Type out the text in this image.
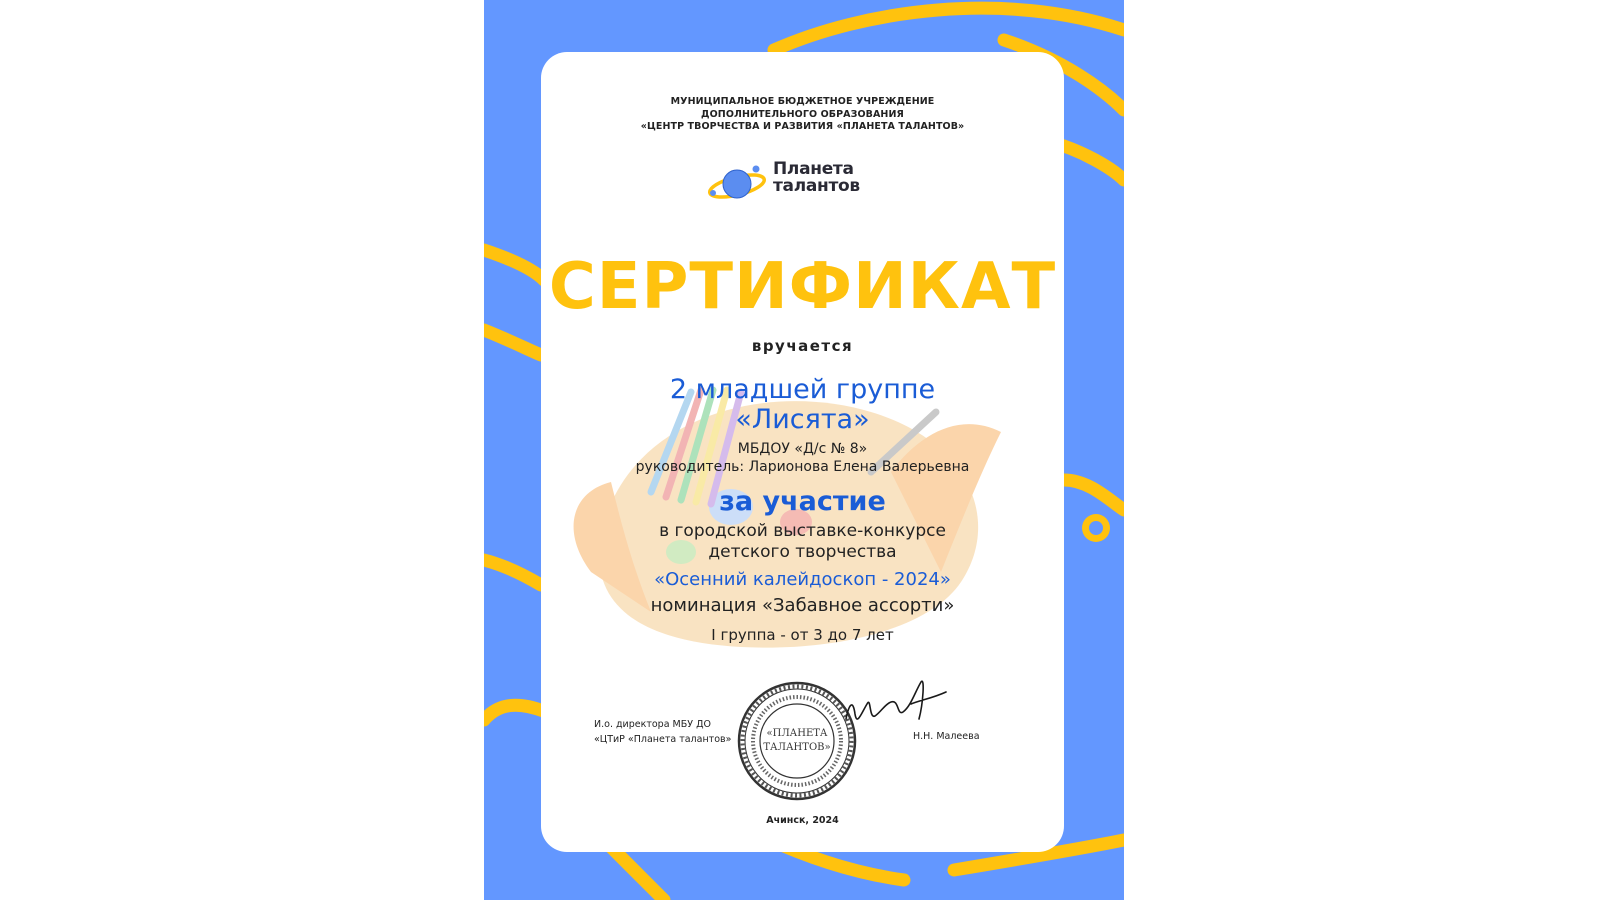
МУНИЦИПАЛЬНОЕ БЮДЖЕТНОЕ УЧРЕЖДЕНИЕ
ДОПОЛНИТЕЛЬНОГО ОБРАЗОВАНИЯ
«ЦЕНТР ТВОРЧЕСТВА И РАЗВИТИЯ «ПЛАНЕТА ТАЛАНТОВ»
Планета
талантов
СЕРТИФИКАТ
вручается
2 младшей группе
«Лисята»
МБДОУ «Д/с № 8»
руководитель: Ларионова Елена Валерьевна
за участие
в городской выставке-конкурсе
детского творчества
«Осенний калейдоскоп - 2024»
номинация «Забавное ассорти»
I группа - от 3 до 7 лет
И.о. директора МБУ ДО
«ЦТиР «Планета талантов»
«ПЛАНЕТА
ТАЛАНТОВ»
Н.Н. Малеева
Ачинск, 2024
